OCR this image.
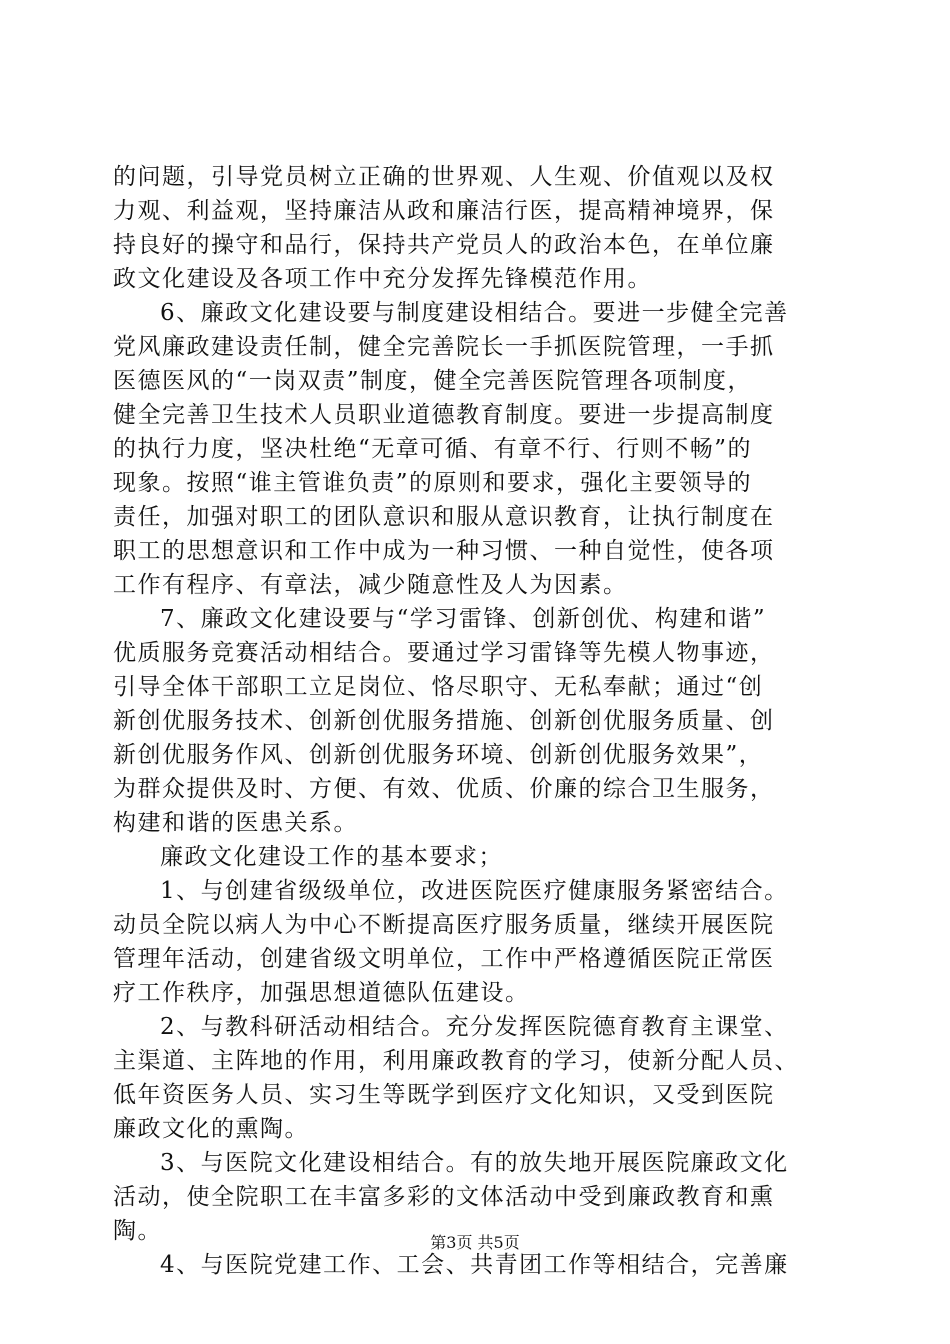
的问题，引导党员树立正确的世界观、人生观、价值观以及权
力观、利益观，坚持廉洁从政和廉洁行医，提高精神境界，保
持良好的操守和品行，保持共产党员人的政治本色，在单位廉
政文化建设及各项工作中充分发挥先锋模范作用。
6、廉政文化建设要与制度建设相结合。要进一步健全完善
党风廉政建设责任制，健全完善院长一手抓医院管理，一手抓
医德医风的“一岗双责”制度，健全完善医院管理各项制度，
健全完善卫生技术人员职业道德教育制度。要进一步提高制度
的执行力度，坚决杜绝“无章可循、有章不行、行则不畅”的
现象。按照“谁主管谁负责”的原则和要求，强化主要领导的
责任，加强对职工的团队意识和服从意识教育，让执行制度在
职工的思想意识和工作中成为一种习惯、一种自觉性，使各项
工作有程序、有章法，减少随意性及人为因素。
7、廉政文化建设要与“学习雷锋、创新创优、构建和谐”
优质服务竞赛活动相结合。要通过学习雷锋等先模人物事迹，
引导全体干部职工立足岗位、恪尽职守、无私奉献；通过“创
新创优服务技术、创新创优服务措施、创新创优服务质量、创
新创优服务作风、创新创优服务环境、创新创优服务效果”，
为群众提供及时、方便、有效、优质、价廉的综合卫生服务，
构建和谐的医患关系。
廉政文化建设工作的基本要求；
1、与创建省级级单位，改进医院医疗健康服务紧密结合。
动员全院以病人为中心不断提高医疗服务质量，继续开展医院
管理年活动，创建省级文明单位，工作中严格遵循医院正常医
疗工作秩序，加强思想道德队伍建设。
2、与教科研活动相结合。充分发挥医院德育教育主课堂、
主渠道、主阵地的作用，利用廉政教育的学习，使新分配人员、
低年资医务人员、实习生等既学到医疗文化知识，又受到医院
廉政文化的熏陶。
3、与医院文化建设相结合。有的放失地开展医院廉政文化
活动，使全院职工在丰富多彩的文体活动中受到廉政教育和熏
陶。
4、与医院党建工作、工会、共青团工作等相结合，完善廉
第3页 共5页
